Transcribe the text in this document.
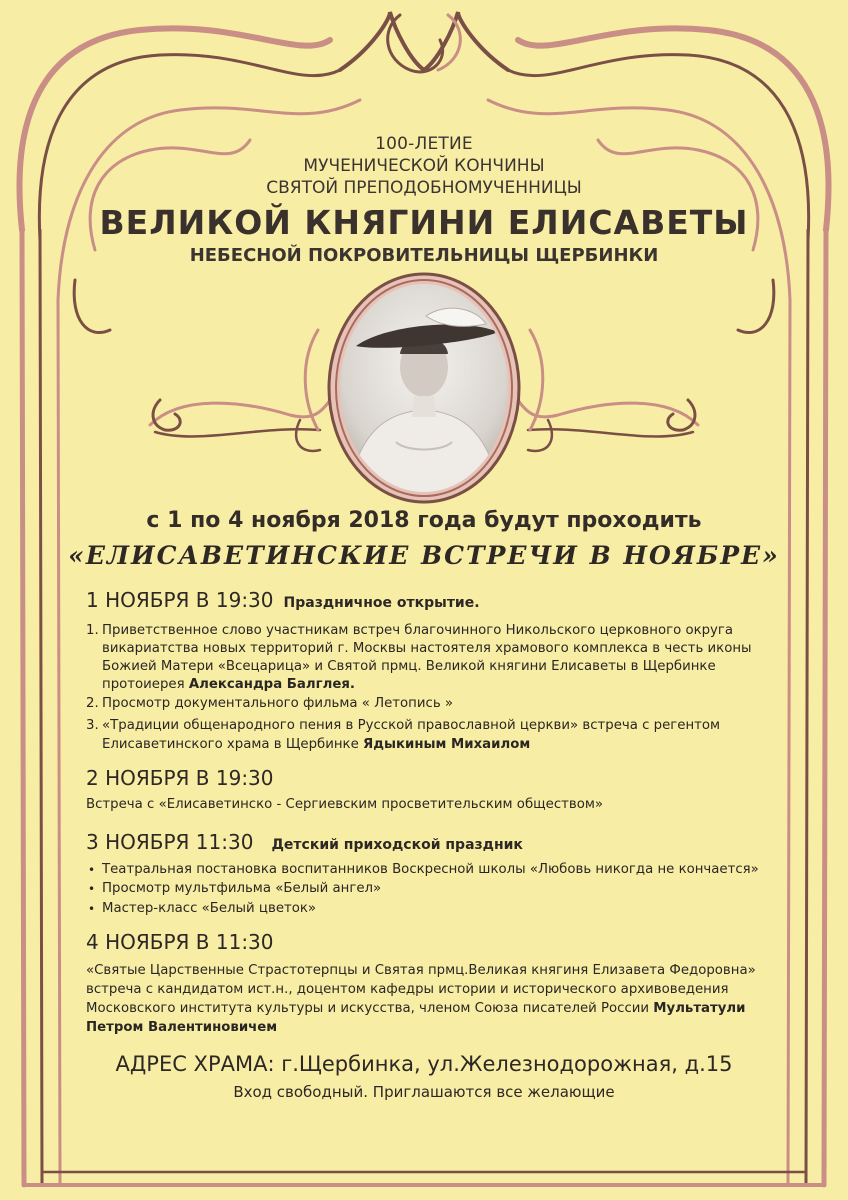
100-ЛЕТИЕ
МУЧЕНИЧЕСКОЙ КОНЧИНЫ
СВЯТОЙ ПРЕПОДОБНОМУЧЕННИЦЫ
ВЕЛИКОЙ КНЯГИНИ ЕЛИСАВЕТЫ
НЕБЕСНОЙ ПОКРОВИТЕЛЬНИЦЫ ЩЕРБИНКИ
с 1 по 4 ноября 2018 года будут проходить
«ЕЛИСАВЕТИНСКИЕ ВСТРЕЧИ В НОЯБРЕ»
1 НОЯБРЯ В 19:30 Праздничное открытие.
1. Приветственное слово участникам встреч благочинного Никольского церковного округа
викариатства новых территорий г. Москвы настоятеля храмового комплекса в честь иконы
Божией Матери «Всецарица» и Святой прмц. Великой княгини Елисаветы в Щербинке
протоиерея Александра Балглея.
2. Просмотр документального фильма « Летопись »
3. «Традиции общенародного пения в Русской православной церкви» встреча с регентом
Елисаветинского храма в Щербинке Ядыкиным Михаилом
2 НОЯБРЯ В 19:30
Встреча с «Елисаветинско - Сергиевским просветительским обществом»
3 НОЯБРЯ 11:30 Детский приходской праздник
• Театральная постановка воспитанников Воскресной школы «Любовь никогда не кончается»
• Просмотр мультфильма «Белый ангел»
• Мастер-класс «Белый цветок»
4 НОЯБРЯ В 11:30
«Святые Царственные Страстотерпцы и Святая прмц.Великая княгиня Елизавета Федоровна»
встреча с кандидатом ист.н., доцентом кафедры истории и исторического архивоведения
Московского института культуры и искусства, членом Союза писателей России Мультатули
Петром Валентиновичем
АДРЕС ХРАМА: г.Щербинка, ул.Железнодорожная, д.15
Вход свободный. Приглашаются все желающие
